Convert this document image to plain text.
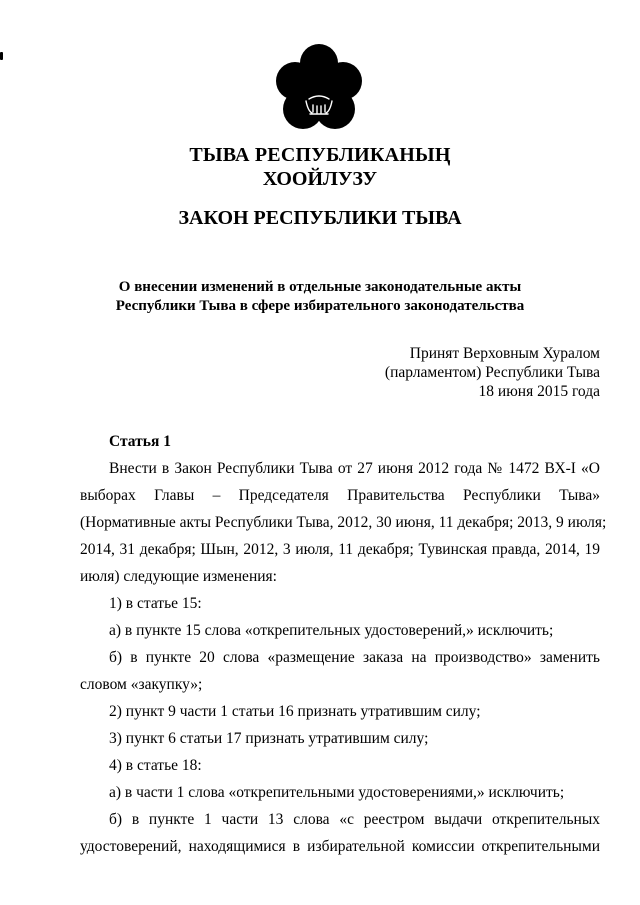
ТЫВА РЕСПУБЛИКАНЫҢ
ХООЙЛУЗУ
ЗАКОН РЕСПУБЛИКИ ТЫВА
О внесении изменений в отдельные законодательные акты
Республики Тыва в сфере избирательного законодательства
Принят Верховным Хуралом
(парламентом) Республики Тыва
18 июня 2015 года
Статья 1
Внести в Закон Республики Тыва от 27 июня 2012 года № 1472 ВХ-I «О
выборах Главы – Председателя Правительства Республики Тыва»
(Нормативные акты Республики Тыва, 2012, 30 июня, 11 декабря; 2013, 9 июля;
2014, 31 декабря; Шын, 2012, 3 июля, 11 декабря; Тувинская правда, 2014, 19
июля) следующие изменения:
1) в статье 15:
а) в пункте 15 слова «открепительных удостоверений,» исключить;
б) в пункте 20 слова «размещение заказа на производство» заменить
словом «закупку»;
2) пункт 9 части 1 статьи 16 признать утратившим силу;
3) пункт 6 статьи 17 признать утратившим силу;
4) в статье 18:
а) в части 1 слова «открепительными удостоверениями,» исключить;
б) в пункте 1 части 13 слова «с реестром выдачи открепительных
удостоверений, находящимися в избирательной комиссии открепительными
